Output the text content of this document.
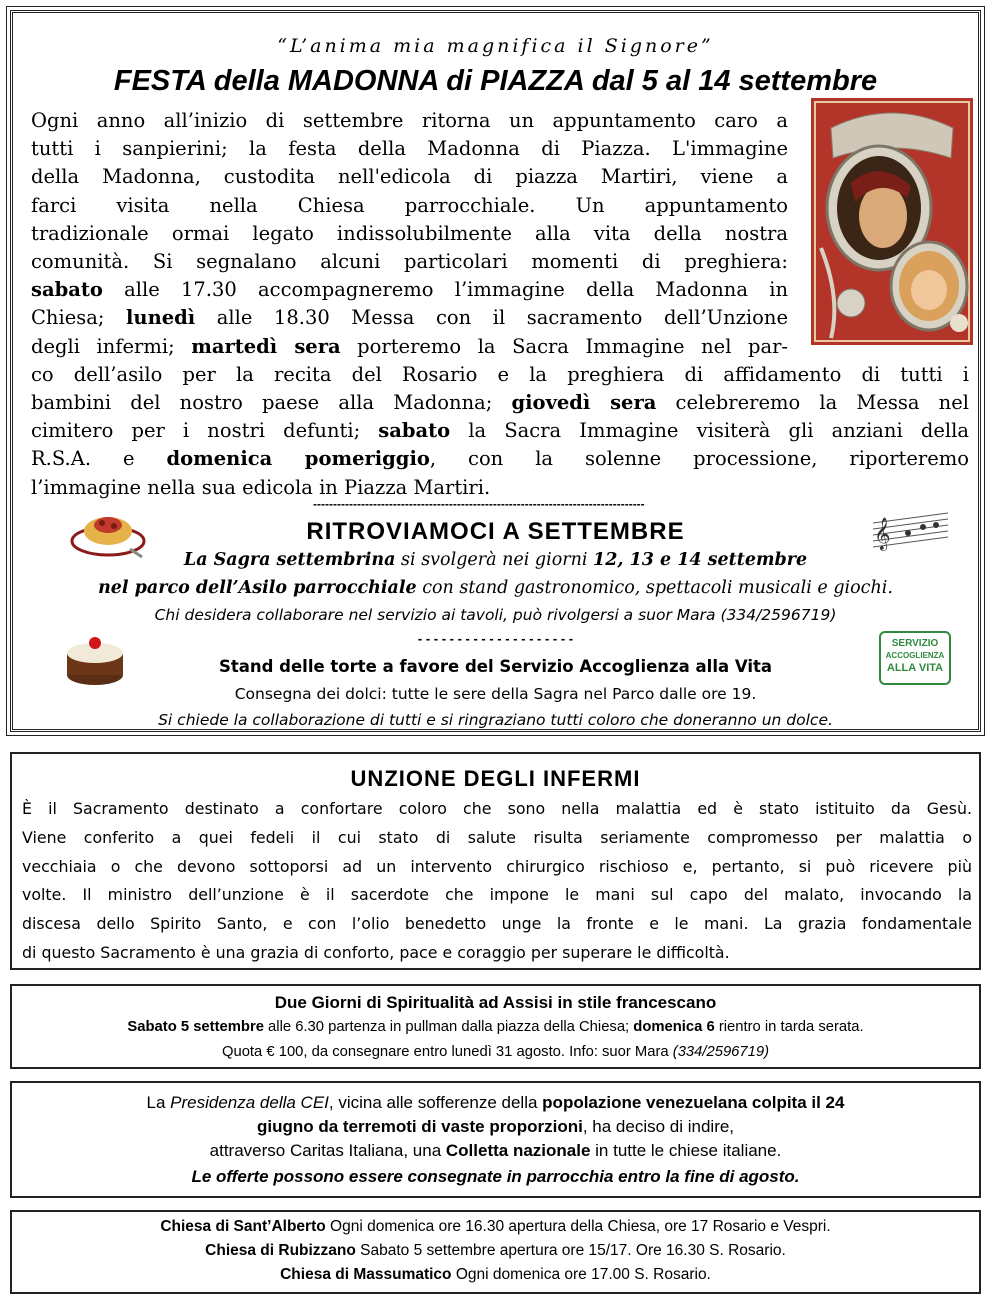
“L’anima mia magnifica il Signore”
FESTA della MADONNA di PIAZZA dal 5 al 14 settembre
Ogni anno all’inizio di settembre ritorna un appuntamento caro a
tutti i sanpierini; la festa della Madonna di Piazza. L'immagine
della Madonna, custodita nell'edicola di piazza Martiri, viene a
farci visita nella Chiesa parrocchiale. Un appuntamento
tradizionale ormai legato indissolubilmente alla vita della nostra
comunità. Si segnalano alcuni particolari momenti di preghiera:
sabato alle 17.30 accompagneremo l’immagine della Madonna in
Chiesa; lunedì alle 18.30 Messa con il sacramento dell’Unzione
degli infermi; martedì sera porteremo la Sacra Immagine nel par-
co dell’asilo per la recita del Rosario e la preghiera di affidamento di tutti i
bambini del nostro paese alla Madonna; giovedì sera celebreremo la Messa nel
cimitero per i nostri defunti; sabato la Sacra Immagine visiterà gli anziani della
R.S.A. e domenica pomeriggio, con la solenne processione, riporteremo
l’immagine nella sua edicola in Piazza Martiri.
-----------------------------------------------------------------------------------
RITROVIAMOCI A SETTEMBRE	𝄞
La Sagra settembrina si svolgerà nei giorni 12, 13 e 14 settembre
nel parco dell’Asilo parrocchiale con stand gastronomico, spettacoli musicali e giochi.
Chi desidera collaborare nel servizio ai tavoli, può rivolgersi a suor Mara (334/2596719)
- - - - - - - - - - - - - - - - - - - -
Stand delle torte a favore del Servizio Accoglienza alla Vita
Consegna dei dolci: tutte le sere della Sagra nel Parco dalle ore 19.
Si chiede la collaborazione di tutti e si ringraziano tutti coloro che doneranno un dolce.
SERVIZIO
ACCOGLIENZA
ALLA VITA
UNZIONE DEGLI INFERMI
È il Sacramento destinato a confortare coloro che sono nella malattia ed è stato istituito da Gesù.
Viene conferito a quei fedeli il cui stato di salute risulta seriamente compromesso per malattia o
vecchiaia o che devono sottoporsi ad un intervento chirurgico rischioso e, pertanto, si può ricevere più
volte. Il ministro dell’unzione è il sacerdote che impone le mani sul capo del malato, invocando la
discesa dello Spirito Santo, e con l’olio benedetto unge la fronte e le mani. La grazia fondamentale
di questo Sacramento è una grazia di conforto, pace e coraggio per superare le difficoltà.
Due Giorni di Spiritualità ad Assisi in stile francescano
Sabato 5 settembre alle 6.30 partenza in pullman dalla piazza della Chiesa; domenica 6 rientro in tarda serata.
Quota € 100, da consegnare entro lunedì 31 agosto. Info: suor Mara (334/2596719)
La Presidenza della CEI, vicina alle sofferenze della popolazione venezuelana colpita il 24
giugno da terremoti di vaste proporzioni, ha deciso di indire,
attraverso Caritas Italiana, una Colletta nazionale in tutte le chiese italiane.
Le offerte possono essere consegnate in parrocchia entro la fine di agosto.
Chiesa di Sant’Alberto Ogni domenica ore 16.30 apertura della Chiesa, ore 17 Rosario e Vespri.
Chiesa di Rubizzano Sabato 5 settembre apertura ore 15/17. Ore 16.30 S. Rosario.
Chiesa di Massumatico Ogni domenica ore 17.00 S. Rosario.
